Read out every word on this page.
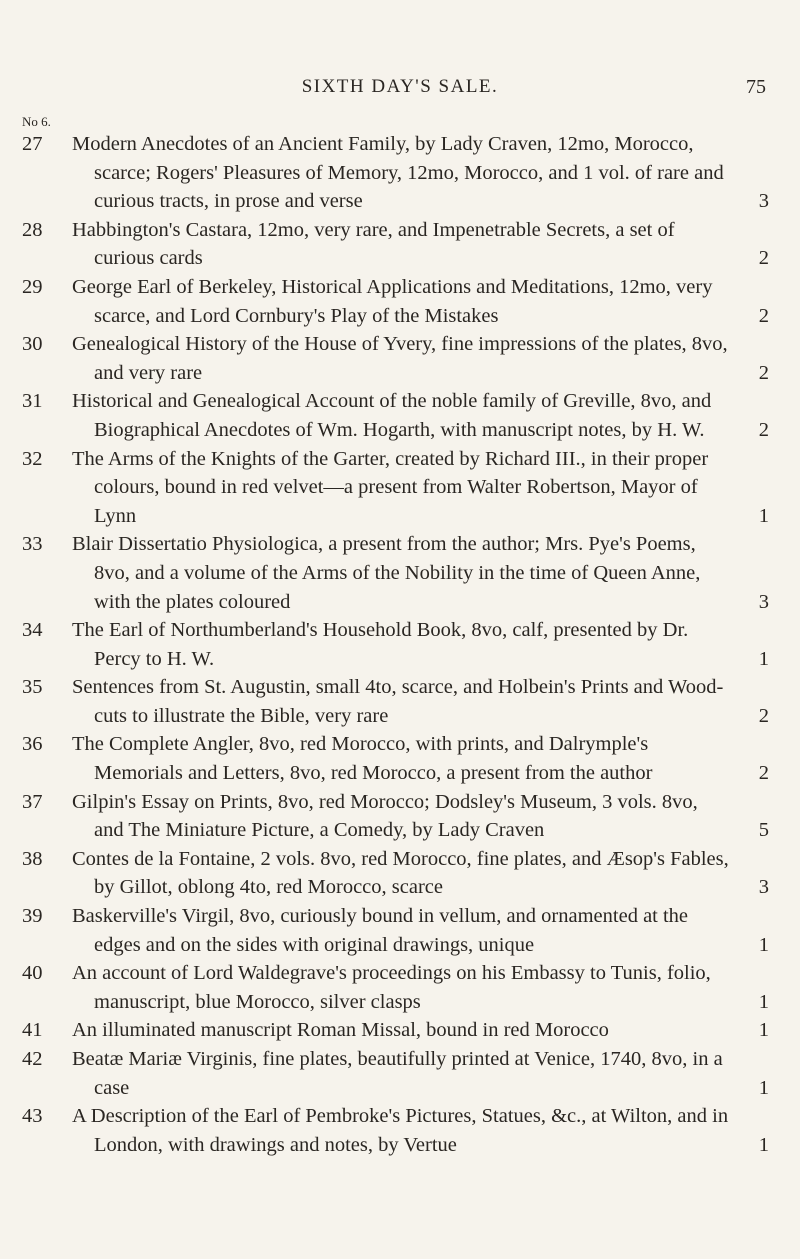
SIXTH DAY'S SALE.	75
No 6.
27	Modern Anecdotes of an Ancient Family, by Lady Craven, 12mo, Morocco, scarce; Rogers' Pleasures of Memory, 12mo, Morocco, and 1 vol. of rare and curious tracts, in prose and verse	3
28	Habbington's Castara, 12mo, very rare, and Impenetrable Secrets, a set of curious cards	2
29	George Earl of Berkeley, Historical Applications and Meditations, 12mo, very scarce, and Lord Cornbury's Play of the Mistakes	2
30	Genealogical History of the House of Yvery, fine impressions of the plates, 8vo, and very rare	2
31	Historical and Genealogical Account of the noble family of Greville, 8vo, and Biographical Anecdotes of Wm. Hogarth, with manuscript notes, by H. W.	2
32	The Arms of the Knights of the Garter, created by Richard III., in their proper colours, bound in red velvet—a present from Walter Robertson, Mayor of Lynn	1
33	Blair Dissertatio Physiologica, a present from the author; Mrs. Pye's Poems, 8vo, and a volume of the Arms of the Nobility in the time of Queen Anne, with the plates coloured	3
34	The Earl of Northumberland's Household Book, 8vo, calf, presented by Dr. Percy to H. W.	1
35	Sentences from St. Augustin, small 4to, scarce, and Holbein's Prints and Wood-cuts to illustrate the Bible, very rare	2
36	The Complete Angler, 8vo, red Morocco, with prints, and Dalrymple's Memorials and Letters, 8vo, red Morocco, a present from the author	2
37	Gilpin's Essay on Prints, 8vo, red Morocco; Dodsley's Museum, 3 vols. 8vo, and The Miniature Picture, a Comedy, by Lady Craven	5
38	Contes de la Fontaine, 2 vols. 8vo, red Morocco, fine plates, and Æsop's Fables, by Gillot, oblong 4to, red Morocco, scarce	3
39	Baskerville's Virgil, 8vo, curiously bound in vellum, and ornamented at the edges and on the sides with original drawings, unique	1
40	An account of Lord Waldegrave's proceedings on his Embassy to Tunis, folio, manuscript, blue Morocco, silver clasps	1
41	An illuminated manuscript Roman Missal, bound in red Morocco	1
42	Beatæ Mariæ Virginis, fine plates, beautifully printed at Venice, 1740, 8vo, in a case	1
43	A Description of the Earl of Pembroke's Pictures, Statues, &c., at Wilton, and in London, with drawings and notes, by Vertue	1
